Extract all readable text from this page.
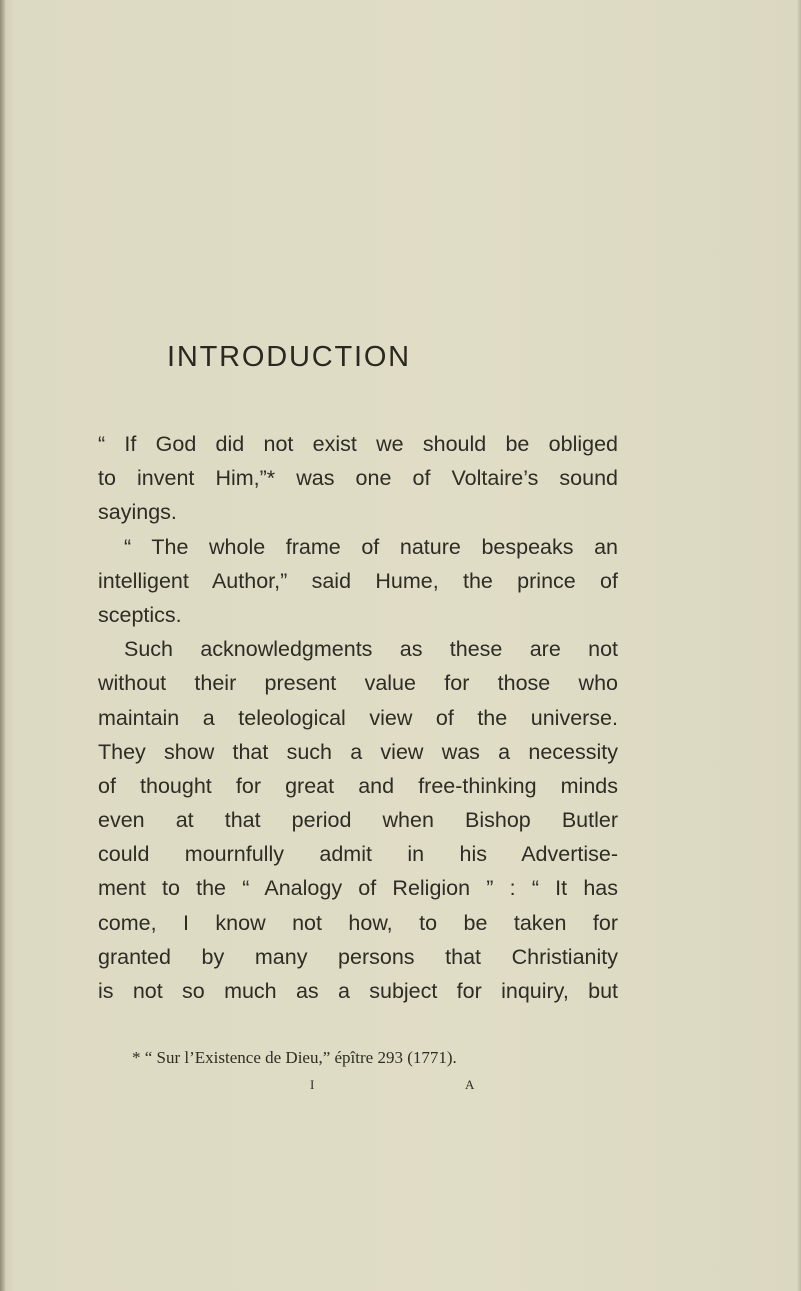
INTRODUCTION
“ If God did not exist we should be obliged
to invent Him,”* was one of Voltaire’s sound
sayings.
“ The whole frame of nature bespeaks an
intelligent Author,” said Hume, the prince of
sceptics.
Such acknowledgments as these are not
without their present value for those who
maintain a teleological view of the universe.
They show that such a view was a necessity
of thought for great and free-thinking minds
even at that period when Bishop Butler
could mournfully admit in his Advertise-
ment to the “ Analogy of Religion ” : “ It has
come, I know not how, to be taken for
granted by many persons that Christianity
is not so much as a subject for inquiry, but

* “ Sur l’Existence de Dieu,” épître 293 (1771).

I	A
